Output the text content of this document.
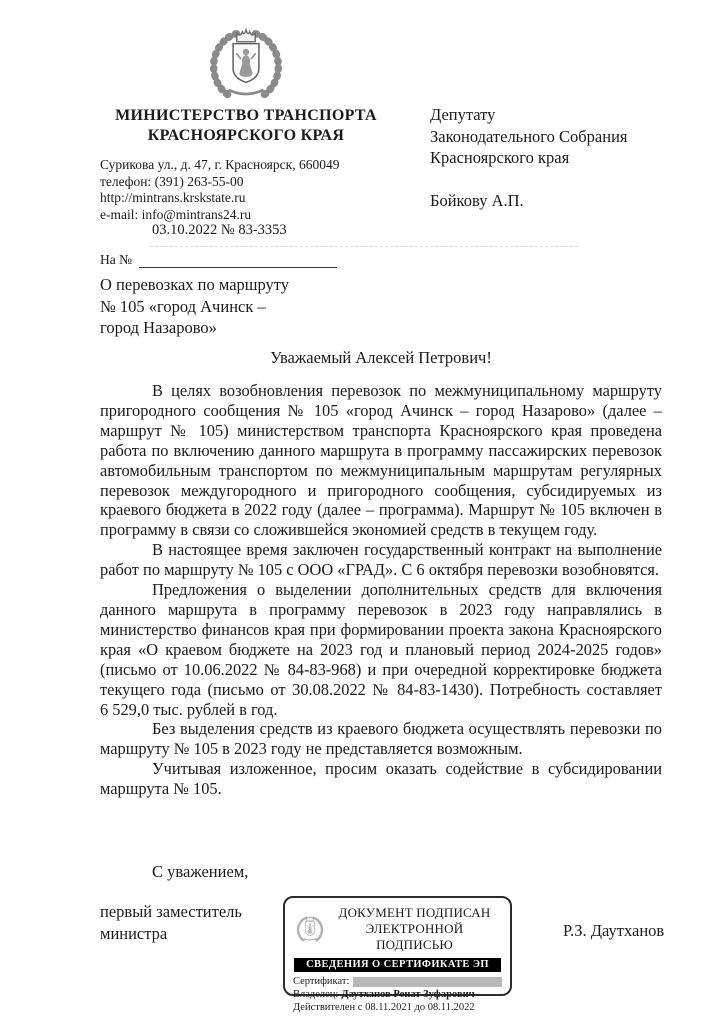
МИНИСТЕРСТВО ТРАНСПОРТА
КРАСНОЯРСКОГО КРАЯ
Сурикова ул., д. 47, г. Красноярск, 660049
телефон: (391) 263-55-00
http://mintrans.krskstate.ru
e-mail: info@mintrans24.ru
03.10.2022 № 83-3353
На №
О перевозках по маршруту
№ 105 «город Ачинск –
город Назарово»
Депутату
Законодательного Собрания
Красноярского края
Бойкову А.П.
Уважаемый Алексей Петрович!

В целях возобновления перевозок по межмуниципальному маршруту пригородного сообщения № 105 «город Ачинск – город Назарово» (далее – маршрут № 105) министерством транспорта Красноярского края проведена работа по включению данного маршрута в программу пассажирских перевозок автомобильным транспортом по межмуниципальным маршрутам регулярных перевозок междугородного и пригородного сообщения, субсидируемых из краевого бюджета в 2022 году (далее – программа). Маршрут № 105 включен в программу в связи со сложившейся экономией средств в текущем году.

В настоящее время заключен государственный контракт на выполнение работ по маршруту № 105 с ООО «ГРАД». С 6 октября перевозки возобновятся.

Предложения о выделении дополнительных средств для включения данного маршрута в программу перевозок в 2023 году направлялись в министерство финансов края при формировании проекта закона Красноярского края «О краевом бюджете на 2023 год и плановый период 2024-2025 годов» (письмо от 10.06.2022 № 84-83-968) и при очередной корректировке бюджета текущего года (письмо от 30.08.2022 № 84-83-1430). Потребность составляет 6 529,0 тыс. рублей в год.

Без выделения средств из краевого бюджета осуществлять перевозки по маршруту № 105 в 2023 году не представляется возможным.

Учитывая изложенное, просим оказать содействие в субсидировании маршрута № 105.

С уважением,
первый заместитель
министра
ДОКУМЕНТ ПОДПИСАН
ЭЛЕКТРОННОЙ ПОДПИСЬЮ
СВЕДЕНИЯ О СЕРТИФИКАТЕ ЭП
Сертификат:
Владелец: Даутханов Ренат Зуфарович
Действителен с 08.11.2021 до 08.11.2022
Р.З. Даутханов
